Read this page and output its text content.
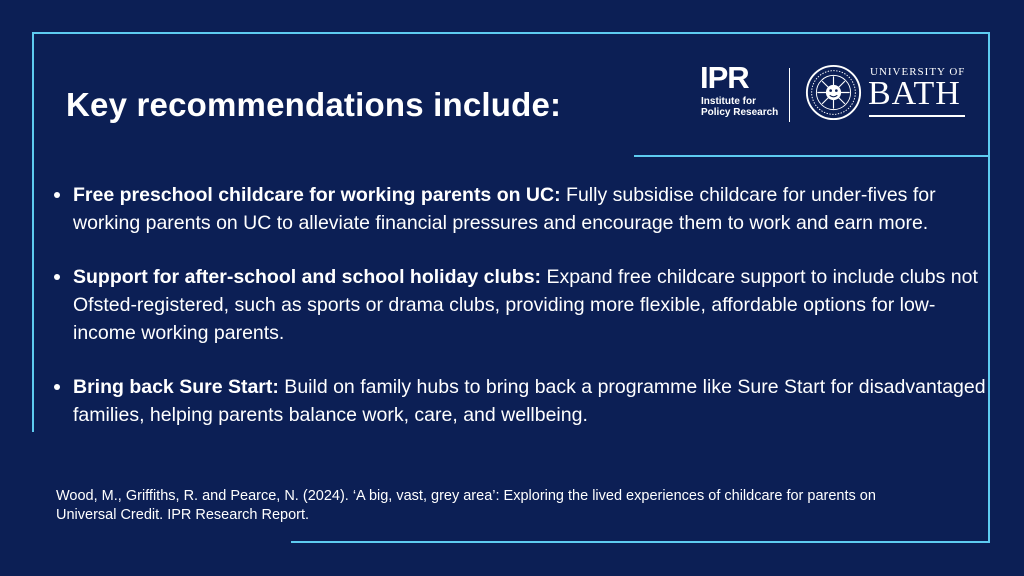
Key recommendations include:
IPR
Institute for
Policy Research
UNIVERSITY OF
BATH
Free preschool childcare for working parents on UC: Fully subsidise childcare for under-fives for working parents on UC to alleviate financial pressures and encourage them to work and earn more.
Support for after-school and school holiday clubs: Expand free childcare support to include clubs not Ofsted-registered, such as sports or drama clubs, providing more flexible, affordable options for low-income working parents.
Bring back Sure Start: Build on family hubs to bring back a programme like Sure Start for disadvantaged families, helping parents balance work, care, and wellbeing.

Wood, M., Griffiths, R. and Pearce, N. (2024). ‘A big, vast, grey area’: Exploring the lived experiences of childcare for parents on Universal Credit. IPR Research Report.
